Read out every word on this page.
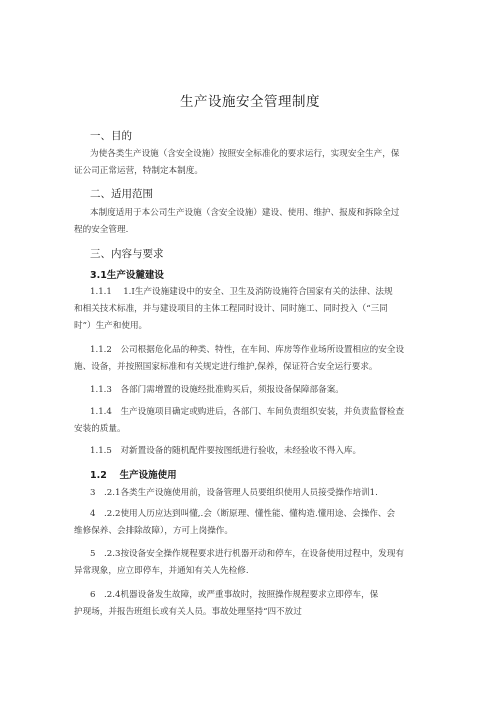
生产设施安全管理制度
一、目的
为使各类生产设施（含安全设施）按照安全标准化的要求运行，实现安全生产，保
证公司正常运营，特制定本制度。
二、适用范围
本制度适用于本公司生产设施（含安全设施）建设、使用、维护、报废和拆除全过
程的安全管理.
三、内容与要求
3.1生产设麓建设
1.1.1　 1.I生产设施建设中的安全、卫生及消防设施符合国家有关的法律、法规
和相关技术标准，并与建设项目的主体工程同时设计、同时施工、同时投入（“三同
时”）生产和使用。
1.1.2　公司根据危化品的种类、特性，在车间、库房等作业场所设置相应的安全设
施、设备，并按照国家标准和有关规定进行维护,保养，保证符合安全运行要求。
1.1.3　各部门需增置的设施经批准购买后，须报设备保障部备案。
1.1.4　生产设施项目确定或购进后，各部门、车间负责组织安装，并负责监督检查
安装的质量。
1.1.5　对新置设备的随机配件要按图纸进行验收，未经验收不得入库。
1.2　 生产设施使用
3　.2.1各类生产设施使用前，设备管理人员要组织使用人员接受操作培训1.
4　.2.2使用人历应达到叫懂,.会（断原理、懂性能、懂构造.懂用途、会操作、会
维修保养、会排除故障），方可上岗操作。
5　.2.3按设备安全操作规程要求进行机器开动和停车，在设备使用过程中，发现有
异常现象，应立即停车，并通知有关人先检修.
6　.2.4机器设备发生故障，或严重事故时，按照操作规程要求立即停车，保
护现场，并报告班组长或有关人员。事故处理坚持“四不放过
